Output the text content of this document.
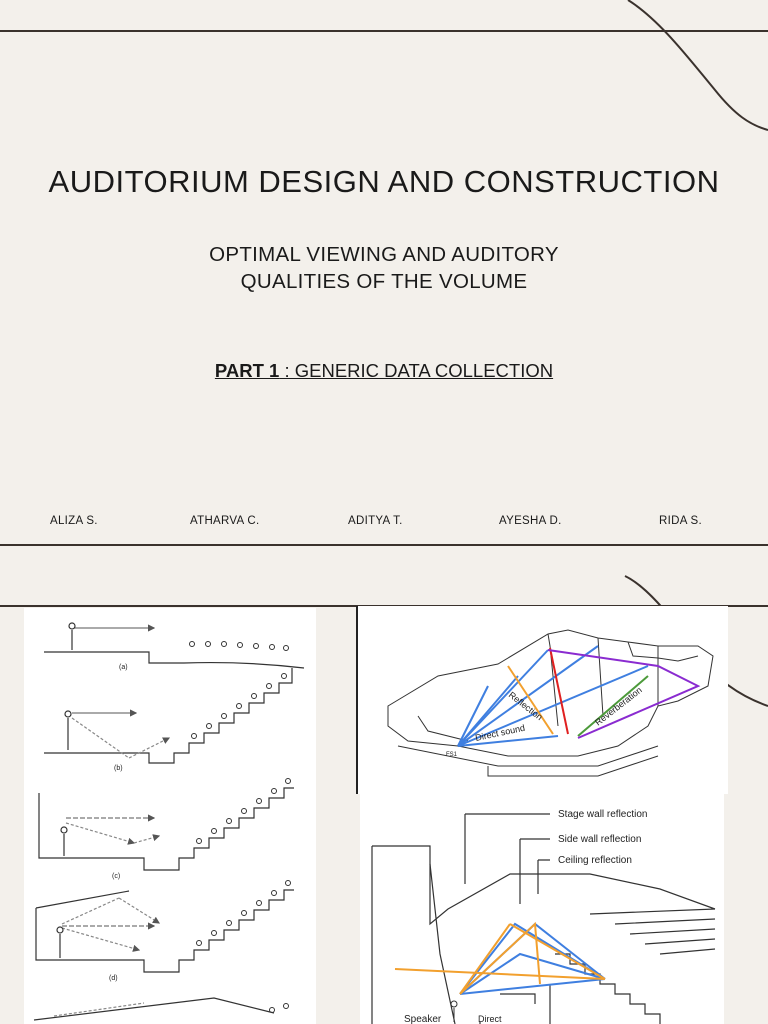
AUDITORIUM DESIGN AND CONSTRUCTION
OPTIMAL VIEWING AND AUDITORY
QUALITIES OF THE VOLUME
PART 1 : GENERIC DATA COLLECTION
ALIZA S.	ATHARVA C.	ADITYA T.	AYESHA D.	RIDA S.
(a)
(b)
(c)
(d)
Reflection	Reverberation
Direct sound
FS1
Stage wall reflection
Side wall reflection
Ceiling reflection
Speaker	Direct
